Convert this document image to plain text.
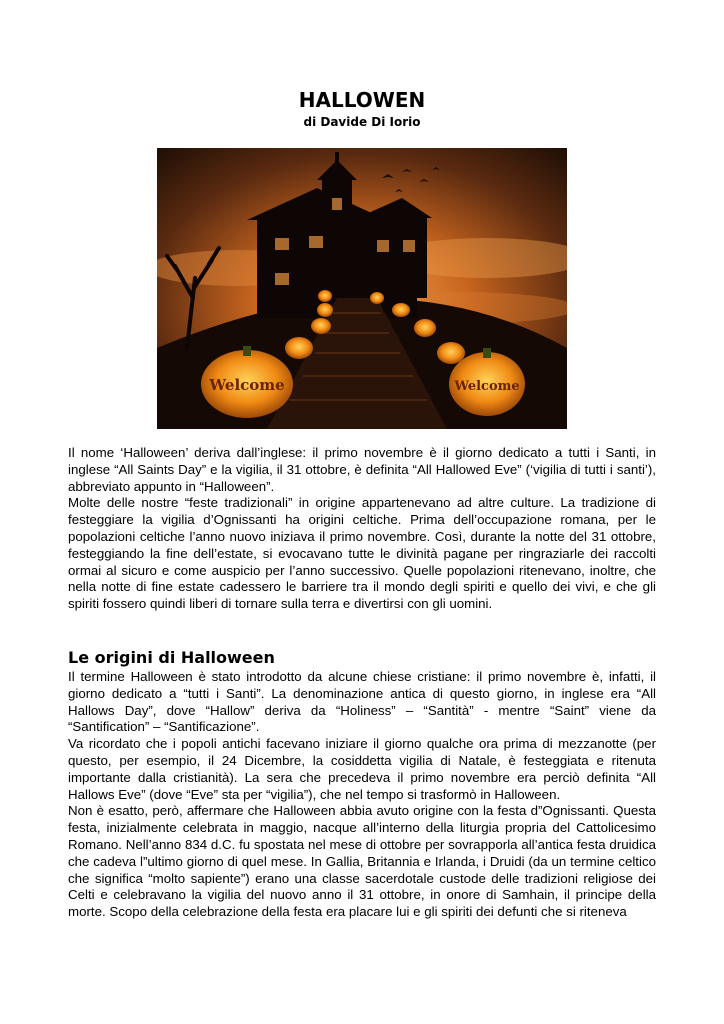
HALLOWEN
di Davide Di Iorio
Welcome	Welcome

Il nome ‘Halloween’ deriva dall’inglese: il primo novembre è il giorno dedicato a tutti i Santi, in inglese “All Saints Day” e la vigilia, il 31 ottobre, è definita “All Hallowed Eve” (‘vigilia di tutti i santi’), abbreviato appunto in “Halloween”.

Molte delle nostre “feste tradizionali” in origine appartenevano ad altre culture. La tradizione di festeggiare la vigilia d’Ognissanti ha origini celtiche. Prima dell’occupazione romana, per le popolazioni celtiche l’anno nuovo iniziava il primo novembre. Così, durante la notte del 31 ottobre, festeggiando la fine dell’estate, si evocavano tutte le divinità pagane per ringraziarle dei raccolti ormai al sicuro e come auspicio per l’anno successivo. Quelle popolazioni ritenevano, inoltre, che nella notte di fine estate cadessero le barriere tra il mondo degli spiriti e quello dei vivi, e che gli spiriti fossero quindi liberi di tornare sulla terra e divertirsi con gli uomini.

Le origini di Halloween

Il termine Halloween è stato introdotto da alcune chiese cristiane: il primo novembre è, infatti, il giorno dedicato a “tutti i Santi”. La denominazione antica di questo giorno, in inglese era “All Hallows Day”, dove “Hallow” deriva da “Holiness” – “Santità” - mentre “Saint” viene da “Santification” – “Santificazione”.

Va ricordato che i popoli antichi facevano iniziare il giorno qualche ora prima di mezzanotte (per questo, per esempio, il 24 Dicembre, la cosiddetta vigilia di Natale, è festeggiata e ritenuta importante dalla cristianità). La sera che precedeva il primo novembre era perciò definita “All Hallows Eve” (dove “Eve” sta per “vigilia”), che nel tempo si trasformò in Halloween.

Non è esatto, però, affermare che Halloween abbia avuto origine con la festa d”Ognissanti. Questa festa, inizialmente celebrata in maggio, nacque all’interno della liturgia propria del Cattolicesimo Romano. Nell’anno 834 d.C. fu spostata nel mese di ottobre per sovrapporla all’antica festa druidica che cadeva l”ultimo giorno di quel mese. In Gallia, Britannia e Irlanda, i Druidi (da un termine celtico che significa “molto sapiente”) erano una classe sacerdotale custode delle tradizioni religiose dei Celti e celebravano la vigilia del nuovo anno il 31 ottobre, in onore di Samhain, il principe della morte. Scopo della celebrazione della festa era placare lui e gli spiriti dei defunti che si riteneva
